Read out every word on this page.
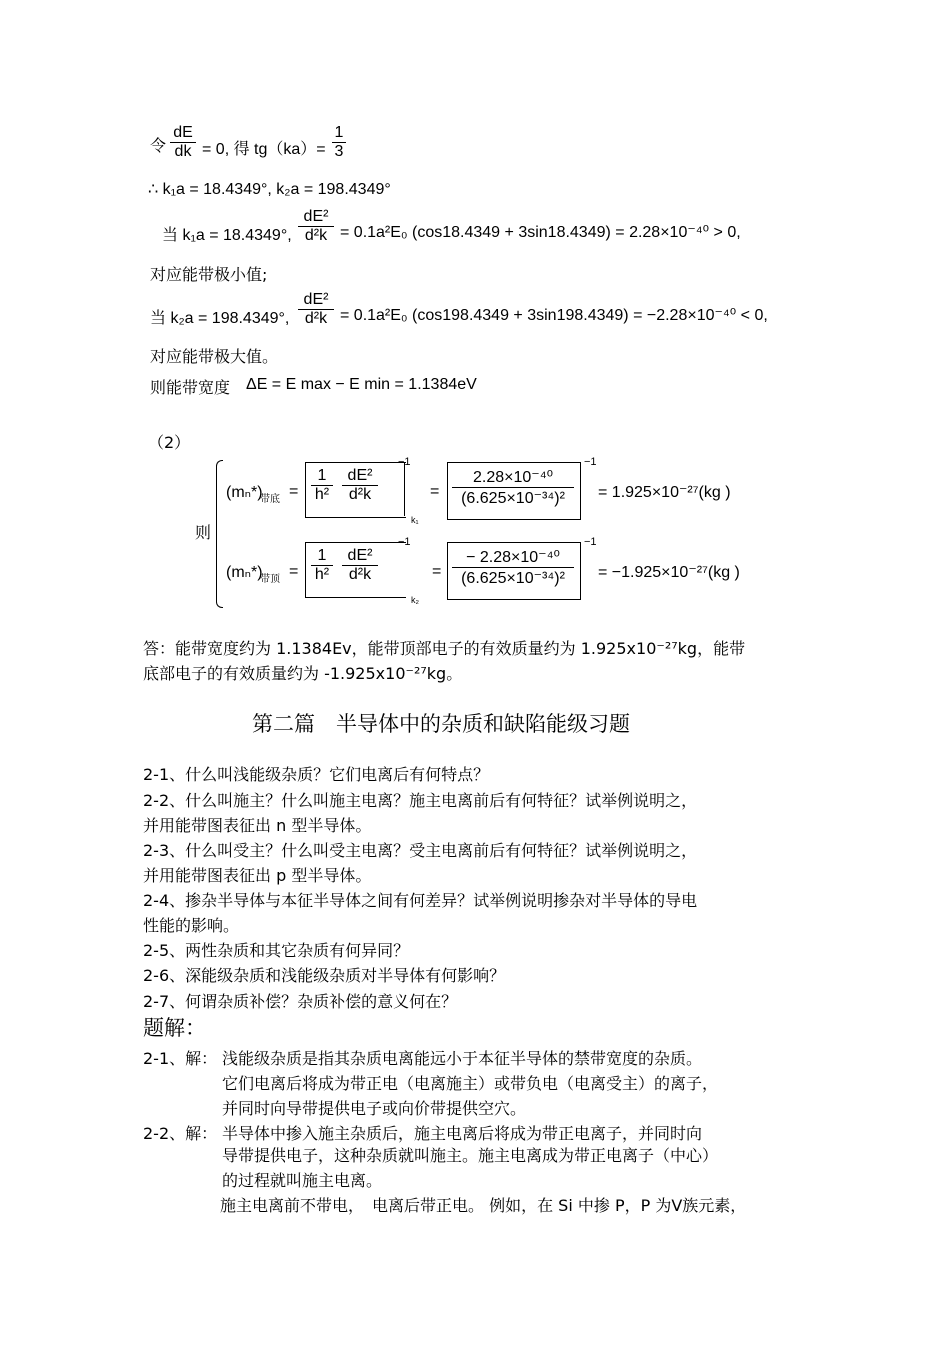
令 $\frac{dE}{dk} = 0$, 得 $tg(ka)= \frac{1}{3}$
∴ k₁a = 18.4349°, k₂a = 198.4349°
当 k₁a = 18.4349°, $\frac{\text{dE²}}{\text{d²k}} = 0.1a^2E_0$ (cos18.4349 + 3sin18.4349) = 2.28×10⁻⁴⁰ > 0,
对应能带极小值;
当 k₂a = 198.4349°, $\frac{\text{dE²}}{\text{d²k}} = 0.1a^2E_0$ (cos198.4349 + 3sin198.4349) = −2.28×10⁻⁴⁰ < 0,
对应能带极大值。
则能带宽度 ΔE = E max − E min = 1.1384eV
（2）
则
(mₙ*)
带底 = $\frac{1}{\text{h²}} \frac{\text{dE²}}{\text{d²k}}$
−1
k₁
= $\frac{\text{2.28×10⁻⁴⁰}}{\text{(6.625×10⁻³⁴)²}}$
−1
= 1.925×10⁻²⁷(kg )
(mₙ*)
带顶 = $\frac{1}{\text{h²}} \frac{\text{dE²}}{\text{d²k}}$
−1
k₂
= $\frac{\text{− 2.28×10⁻⁴⁰}}{\text{(6.625×10⁻³⁴)²}}$
−1
= −1.925×10⁻²⁷(kg )
答：能带宽度约为 1.1384Ev，能带顶部电子的有效质量约为 1.925x10⁻²⁷kg，能带
底部电子的有效质量约为 -1.925x10⁻²⁷kg。
第二篇　半导体中的杂质和缺陷能级习题
2-1、什么叫浅能级杂质？它们电离后有何特点？
2-2、什么叫施主？什么叫施主电离？施主电离前后有何特征？试举例说明之，
并用能带图表征出 n 型半导体。
2-3、什么叫受主？什么叫受主电离？受主电离前后有何特征？试举例说明之，
并用能带图表征出 p 型半导体。
2-4、掺杂半导体与本征半导体之间有何差异？试举例说明掺杂对半导体的导电
性能的影响。
2-5、两性杂质和其它杂质有何异同？
2-6、深能级杂质和浅能级杂质对半导体有何影响？
2-7、何谓杂质补偿？杂质补偿的意义何在？
题解：
2-1、解： 浅能级杂质是指其杂质电离能远小于本征半导体的禁带宽度的杂质。
它们电离后将成为带正电（电离施主）或带负电（电离受主）的离子，
并同时向导带提供电子或向价带提供空穴。
2-2、解： 半导体中掺入施主杂质后，施主电离后将成为带正电离子，并同时向
导带提供电子，这种杂质就叫施主。施主电离成为带正电离子（中心）
的过程就叫施主电离。
施主电离前不带电，　电离后带正电。 例如，在 Si 中掺 P，P 为Ⅴ族元素，
